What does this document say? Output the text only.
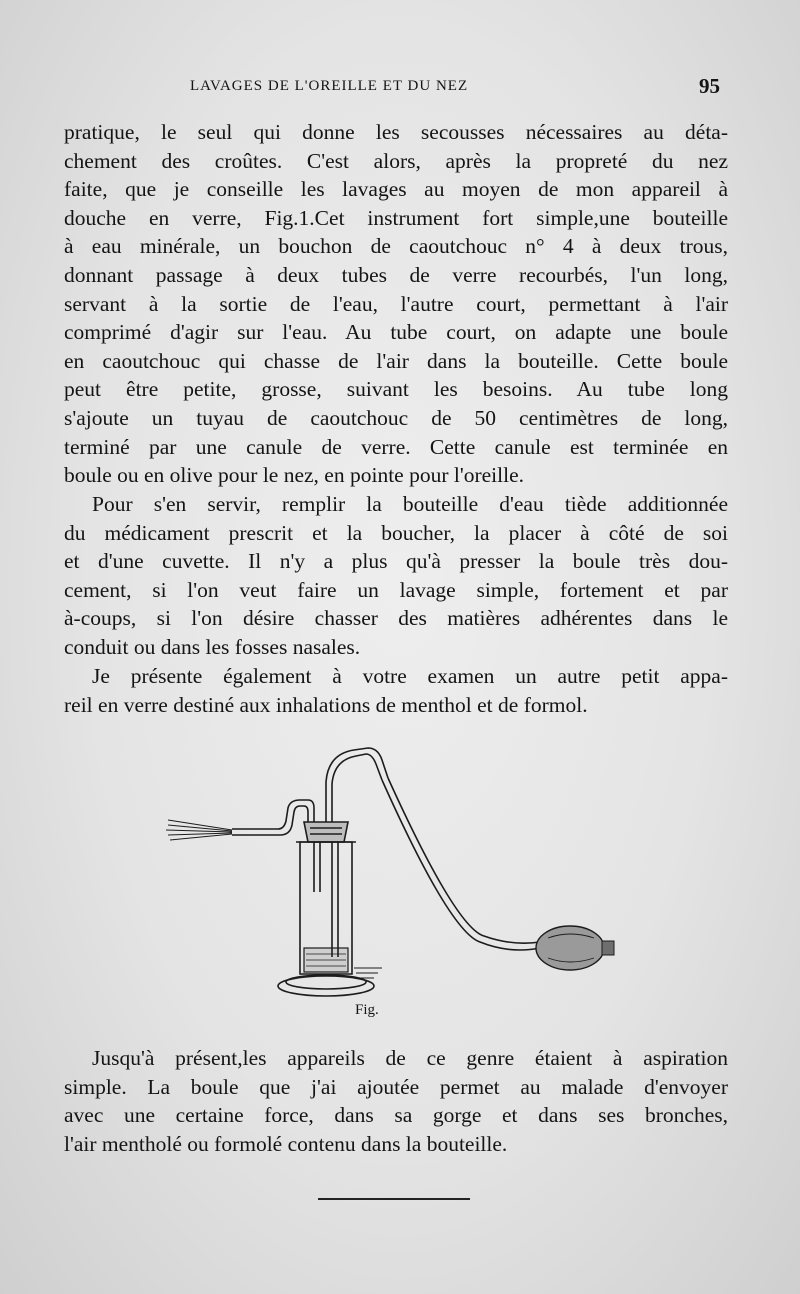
LAVAGES DE L'OREILLE ET DU NEZ	95
pratique, le seul qui donne les secousses nécessaires au déta-
chement des croûtes. C'est alors, après la propreté du nez
faite, que je conseille les lavages au moyen de mon appareil à
douche en verre, Fig.1.Cet instrument fort simple,une bouteille
à eau minérale, un bouchon de caoutchouc n° 4 à deux trous,
donnant passage à deux tubes de verre recourbés, l'un long,
servant à la sortie de l'eau, l'autre court, permettant à l'air
comprimé d'agir sur l'eau. Au tube court, on adapte une boule
en caoutchouc qui chasse de l'air dans la bouteille. Cette boule
peut être petite, grosse, suivant les besoins. Au tube long
s'ajoute un tuyau de caoutchouc de 50 centimètres de long,
terminé par une canule de verre. Cette canule est terminée en
boule ou en olive pour le nez, en pointe pour l'oreille.
Pour s'en servir, remplir la bouteille d'eau tiède additionnée
du médicament prescrit et la boucher, la placer à côté de soi
et d'une cuvette. Il n'y a plus qu'à presser la boule très dou-
cement, si l'on veut faire un lavage simple, fortement et par
à-coups, si l'on désire chasser des matières adhérentes dans le
conduit ou dans les fosses nasales.
Je présente également à votre examen un autre petit appa-
reil en verre destiné aux inhalations de menthol et de formol.
Fig.
Jusqu'à présent,les appareils de ce genre étaient à aspiration
simple. La boule que j'ai ajoutée permet au malade d'envoyer
avec une certaine force, dans sa gorge et dans ses bronches,
l'air mentholé ou formolé contenu dans la bouteille.
